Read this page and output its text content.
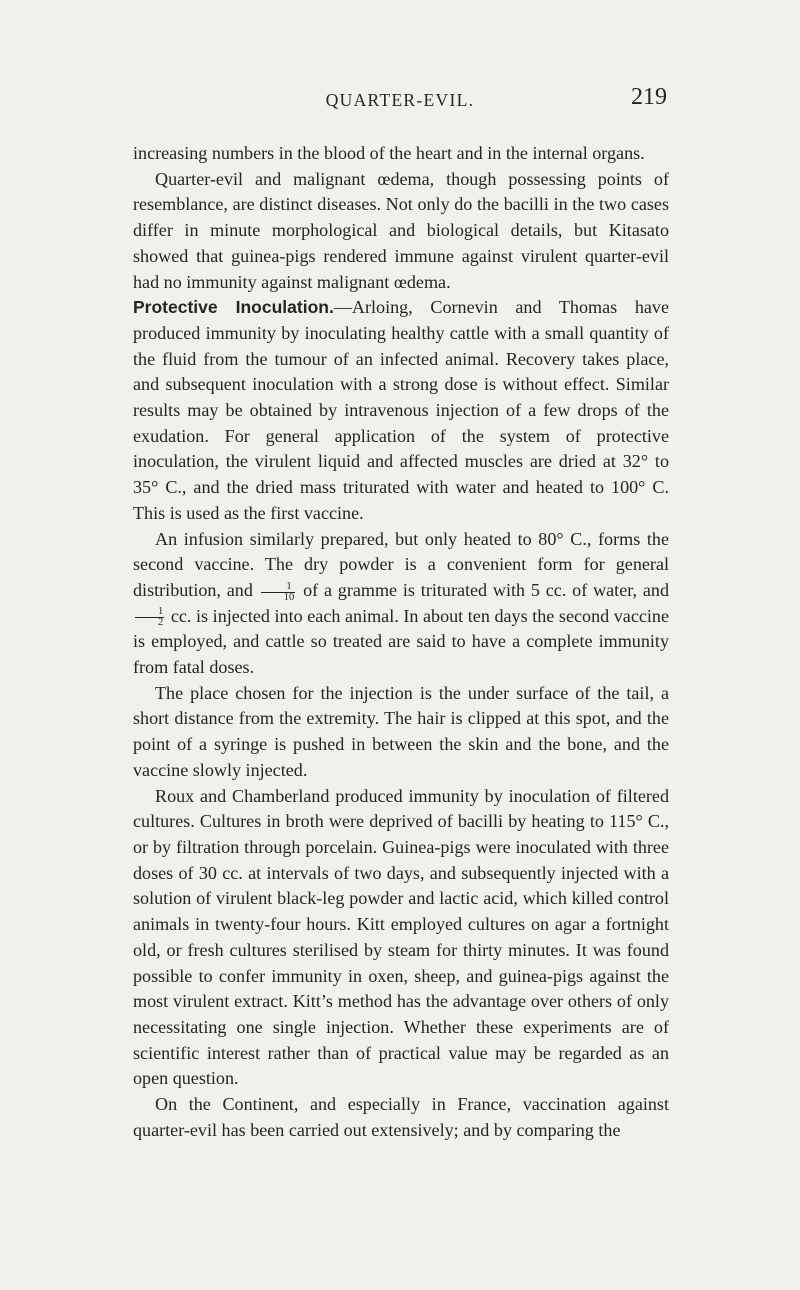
QUARTER-EVIL.	219

increasing numbers in the blood of the heart and in the internal organs.

Quarter-evil and malignant œdema, though possessing points of resemblance, are distinct diseases. Not only do the bacilli in the two cases differ in minute morphological and biological details, but Kitasato showed that guinea-pigs rendered immune against virulent quarter-evil had no immunity against malignant œdema.

Protective Inoculation.—Arloing, Cornevin and Thomas have produced immunity by inoculating healthy cattle with a small quantity of the fluid from the tumour of an infected animal. Recovery takes place, and subsequent inoculation with a strong dose is without effect. Similar results may be obtained by intravenous injection of a few drops of the exudation. For general application of the system of protective inoculation, the virulent liquid and affected muscles are dried at 32° to 35° C., and the dried mass triturated with water and heated to 100° C. This is used as the first vaccine.

An infusion similarly prepared, but only heated to 80° C., forms the second vaccine. The dry powder is a convenient form for general distribution, and $\frac{1}{10}$ of a gramme is triturated with 5 cc. of water, and
$\frac{1}{2}$ cc. is injected into each animal. In about ten days the second vaccine is employed, and cattle so treated are said to have a complete immunity from fatal doses.

The place chosen for the injection is the under surface of the tail, a short distance from the extremity. The hair is clipped at this spot, and the point of a syringe is pushed in between the skin and the bone, and the vaccine slowly injected.

Roux and Chamberland produced immunity by inoculation of filtered cultures. Cultures in broth were deprived of bacilli by heating to 115° C., or by filtration through porcelain. Guinea-pigs were inoculated with three doses of 30 cc. at intervals of two days, and subsequently injected with a solution of virulent black-leg powder and lactic acid, which killed control animals in twenty-four hours. Kitt employed cultures on agar a fortnight old, or fresh cultures sterilised by steam for thirty minutes. It was found possible to confer immunity in oxen, sheep, and guinea-pigs against the most virulent extract. Kitt’s method has the advantage over others of only necessitating one single injection. Whether these experiments are of scientific interest rather than of practical value may be regarded as an open question.

On the Continent, and especially in France, vaccination against quarter-evil has been carried out extensively; and by comparing the
